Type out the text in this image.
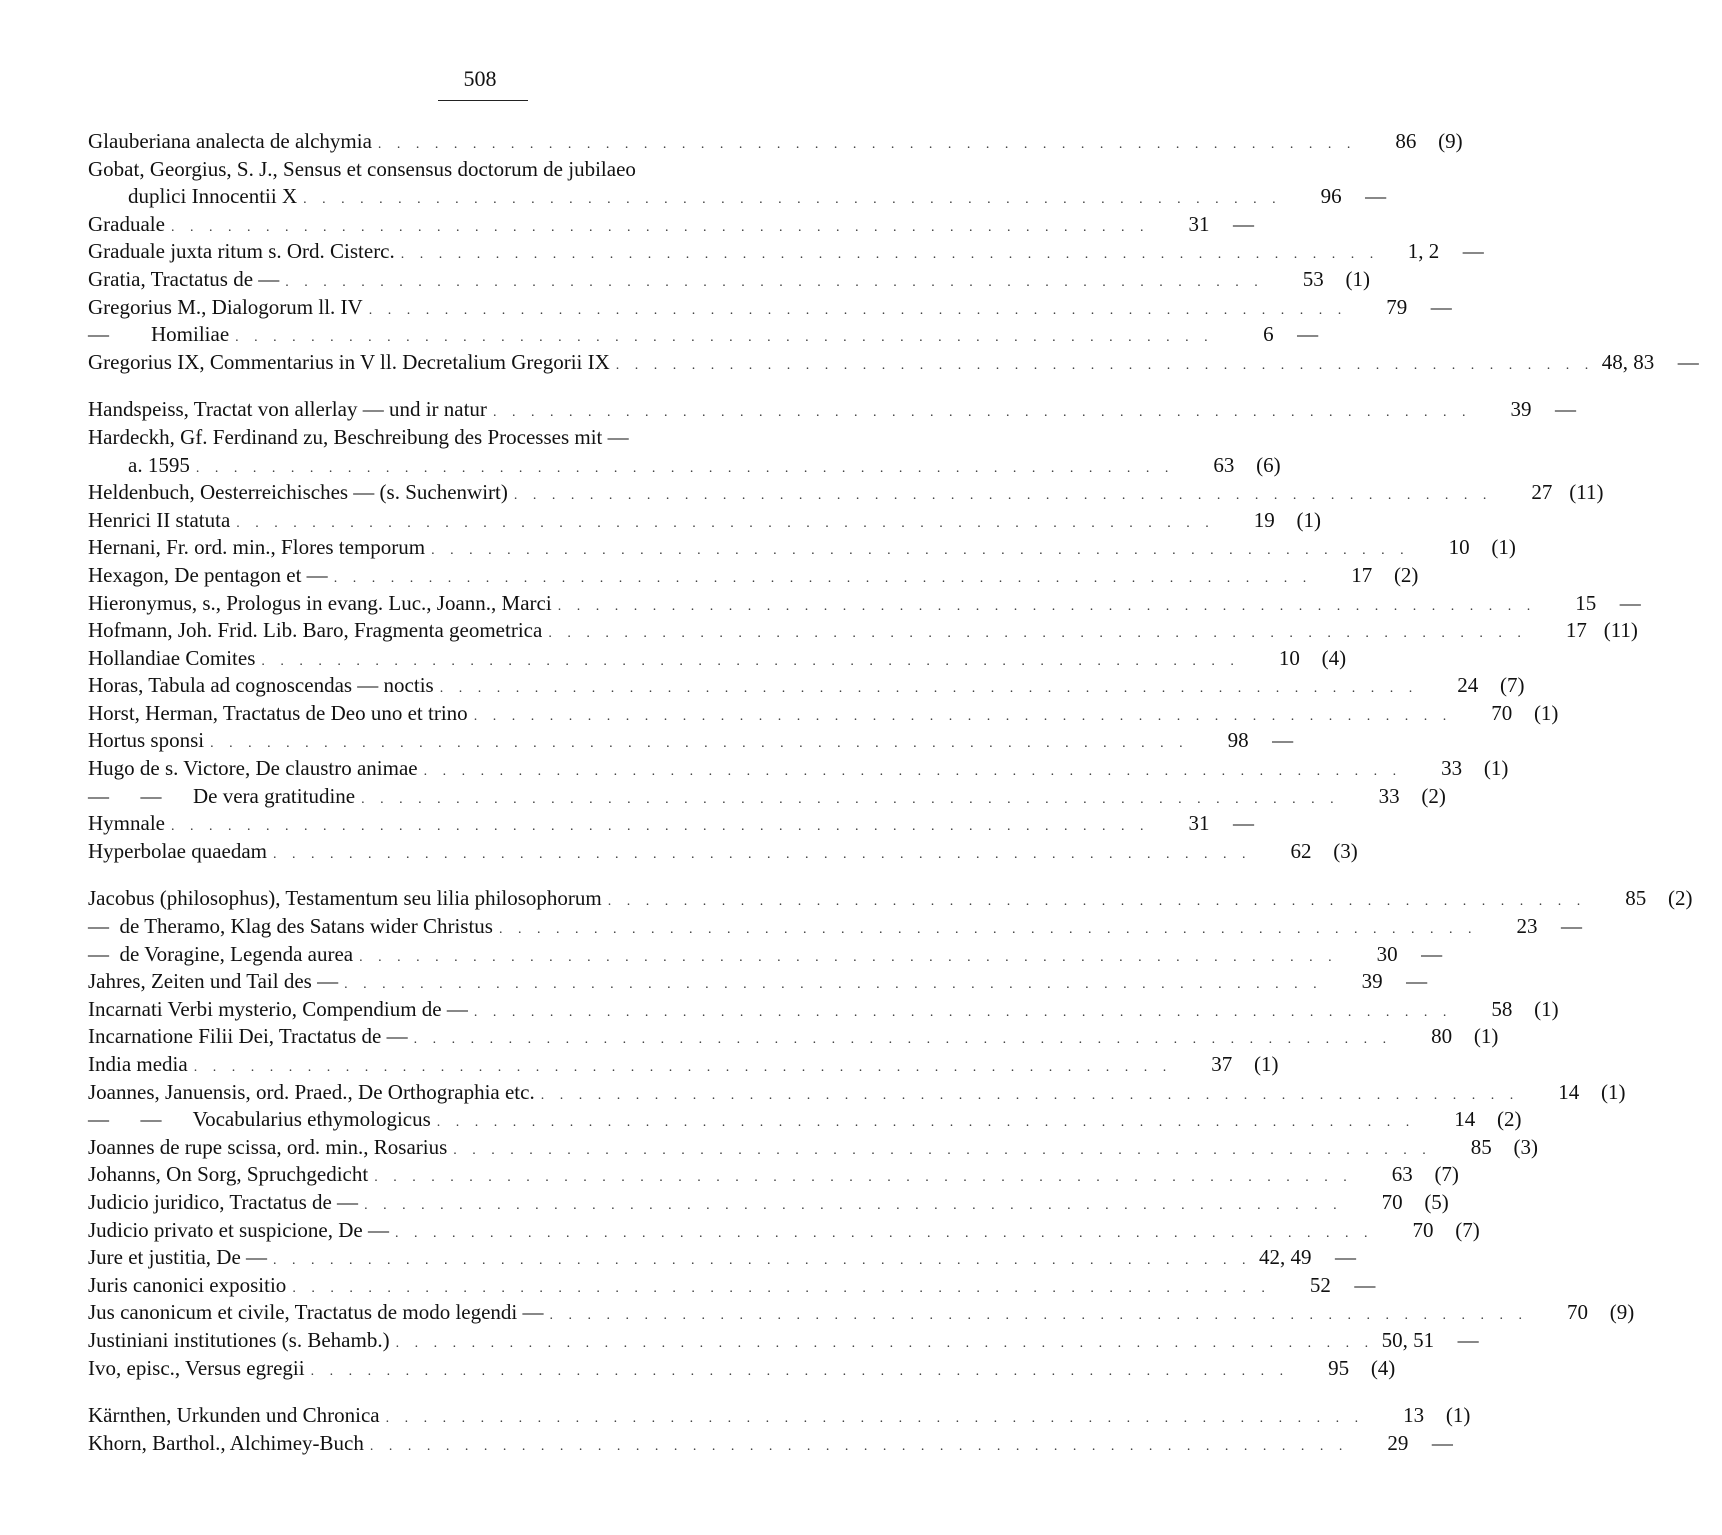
508
Glauberiana analecta de alchymia . . . . . . . . . . . . . . . . . . . . . . . . . . . . . . . . . . . . . . . . . . . . . . . . . . . .	86	(9)
Gobat, Georgius, S. J., Sensus et consensus doctorum de jubilaeo
duplici Innocentii X . . . . . . . . . . . . . . . . . . . . . . . . . . . . . . . . . . . . . . . . . . . . . . . . . . . .	96	—
Graduale . . . . . . . . . . . . . . . . . . . . . . . . . . . . . . . . . . . . . . . . . . . . . . . . . . . .	31	—
Graduale juxta ritum s. Ord. Cisterc. . . . . . . . . . . . . . . . . . . . . . . . . . . . . . . . . . . . . . . . . . . . . . . . . . . . .	1, 2	—
Gratia, Tractatus de — . . . . . . . . . . . . . . . . . . . . . . . . . . . . . . . . . . . . . . . . . . . . . . . . . . . .	53	(1)
Gregorius M., Dialogorum ll. IV . . . . . . . . . . . . . . . . . . . . . . . . . . . . . . . . . . . . . . . . . . . . . . . . . . . .	79	—
—        Homiliae . . . . . . . . . . . . . . . . . . . . . . . . . . . . . . . . . . . . . . . . . . . . . . . . . . . .	6	—
Gregorius IX, Commentarius in V ll. Decretalium Gregorii IX . . . . . . . . . . . . . . . . . . . . . . . . . . . . . . . . . . . . . . . . . . . . . . . . . . . . 48, 83	—
Handspeiss, Tractat von allerlay — und ir natur . . . . . . . . . . . . . . . . . . . . . . . . . . . . . . . . . . . . . . . . . . . . . . . . . . . .	39	—
Hardeckh, Gf. Ferdinand zu, Beschreibung des Processes mit —
a. 1595 . . . . . . . . . . . . . . . . . . . . . . . . . . . . . . . . . . . . . . . . . . . . . . . . . . . .	63	(6)
Heldenbuch, Oesterreichisches — (s. Suchenwirt) . . . . . . . . . . . . . . . . . . . . . . . . . . . . . . . . . . . . . . . . . . . . . . . . . . . .	27 (11)
Henrici II statuta . . . . . . . . . . . . . . . . . . . . . . . . . . . . . . . . . . . . . . . . . . . . . . . . . . . .	19	(1)
Hernani, Fr. ord. min., Flores temporum . . . . . . . . . . . . . . . . . . . . . . . . . . . . . . . . . . . . . . . . . . . . . . . . . . . .	10	(1)
Hexagon, De pentagon et — . . . . . . . . . . . . . . . . . . . . . . . . . . . . . . . . . . . . . . . . . . . . . . . . . . . .	17	(2)
Hieronymus, s., Prologus in evang. Luc., Joann., Marci . . . . . . . . . . . . . . . . . . . . . . . . . . . . . . . . . . . . . . . . . . . . . . . . . . . .	15	—
Hofmann, Joh. Frid. Lib. Baro, Fragmenta geometrica . . . . . . . . . . . . . . . . . . . . . . . . . . . . . . . . . . . . . . . . . . . . . . . . . . . .	17 (11)
Hollandiae Comites . . . . . . . . . . . . . . . . . . . . . . . . . . . . . . . . . . . . . . . . . . . . . . . . . . . .	10	(4)
Horas, Tabula ad cognoscendas — noctis . . . . . . . . . . . . . . . . . . . . . . . . . . . . . . . . . . . . . . . . . . . . . . . . . . . .	24	(7)
Horst, Herman, Tractatus de Deo uno et trino . . . . . . . . . . . . . . . . . . . . . . . . . . . . . . . . . . . . . . . . . . . . . . . . . . . .	70	(1)
Hortus sponsi . . . . . . . . . . . . . . . . . . . . . . . . . . . . . . . . . . . . . . . . . . . . . . . . . . . .	98	—
Hugo de s. Victore, De claustro animae . . . . . . . . . . . . . . . . . . . . . . . . . . . . . . . . . . . . . . . . . . . . . . . . . . . .	33	(1)
—      —      De vera gratitudine . . . . . . . . . . . . . . . . . . . . . . . . . . . . . . . . . . . . . . . . . . . . . . . . . . . .	33	(2)
Hymnale . . . . . . . . . . . . . . . . . . . . . . . . . . . . . . . . . . . . . . . . . . . . . . . . . . . .	31	—
Hyperbolae quaedam . . . . . . . . . . . . . . . . . . . . . . . . . . . . . . . . . . . . . . . . . . . . . . . . . . . .	62	(3)
Jacobus (philosophus), Testamentum seu lilia philosophorum . . . . . . . . . . . . . . . . . . . . . . . . . . . . . . . . . . . . . . . . . . . . . . . . . . . .	85	(2)
—  de Theramo, Klag des Satans wider Christus . . . . . . . . . . . . . . . . . . . . . . . . . . . . . . . . . . . . . . . . . . . . . . . . . . . .	23	—
—  de Voragine, Legenda aurea . . . . . . . . . . . . . . . . . . . . . . . . . . . . . . . . . . . . . . . . . . . . . . . . . . . .	30	—
Jahres, Zeiten und Tail des — . . . . . . . . . . . . . . . . . . . . . . . . . . . . . . . . . . . . . . . . . . . . . . . . . . . .	39	—
Incarnati Verbi mysterio, Compendium de — . . . . . . . . . . . . . . . . . . . . . . . . . . . . . . . . . . . . . . . . . . . . . . . . . . . .	58	(1)
Incarnatione Filii Dei, Tractatus de — . . . . . . . . . . . . . . . . . . . . . . . . . . . . . . . . . . . . . . . . . . . . . . . . . . . .	80	(1)
India media . . . . . . . . . . . . . . . . . . . . . . . . . . . . . . . . . . . . . . . . . . . . . . . . . . . .	37	(1)
Joannes, Januensis, ord. Praed., De Orthographia etc. . . . . . . . . . . . . . . . . . . . . . . . . . . . . . . . . . . . . . . . . . . . . . . . . . . . .	14	(1)
—      —      Vocabularius ethymologicus . . . . . . . . . . . . . . . . . . . . . . . . . . . . . . . . . . . . . . . . . . . . . . . . . . . .	14	(2)
Joannes de rupe scissa, ord. min., Rosarius . . . . . . . . . . . . . . . . . . . . . . . . . . . . . . . . . . . . . . . . . . . . . . . . . . . .	85	(3)
Johanns, On Sorg, Spruchgedicht . . . . . . . . . . . . . . . . . . . . . . . . . . . . . . . . . . . . . . . . . . . . . . . . . . . .	63	(7)
Judicio juridico, Tractatus de — . . . . . . . . . . . . . . . . . . . . . . . . . . . . . . . . . . . . . . . . . . . . . . . . . . . .	70	(5)
Judicio privato et suspicione, De — . . . . . . . . . . . . . . . . . . . . . . . . . . . . . . . . . . . . . . . . . . . . . . . . . . . .	70	(7)
Jure et justitia, De — . . . . . . . . . . . . . . . . . . . . . . . . . . . . . . . . . . . . . . . . . . . . . . . . . . . . 42, 49	—
Juris canonici expositio . . . . . . . . . . . . . . . . . . . . . . . . . . . . . . . . . . . . . . . . . . . . . . . . . . . .	52	—
Jus canonicum et civile, Tractatus de modo legendi — . . . . . . . . . . . . . . . . . . . . . . . . . . . . . . . . . . . . . . . . . . . . . . . . . . . .	70	(9)
Justiniani institutiones (s. Behamb.) . . . . . . . . . . . . . . . . . . . . . . . . . . . . . . . . . . . . . . . . . . . . . . . . . . . . 50, 51	—
Ivo, episc., Versus egregii . . . . . . . . . . . . . . . . . . . . . . . . . . . . . . . . . . . . . . . . . . . . . . . . . . . .	95	(4)
Kärnthen, Urkunden und Chronica . . . . . . . . . . . . . . . . . . . . . . . . . . . . . . . . . . . . . . . . . . . . . . . . . . . .	13	(1)
Khorn, Barthol., Alchimey-Buch . . . . . . . . . . . . . . . . . . . . . . . . . . . . . . . . . . . . . . . . . . . . . . . . . . . .	29	—
